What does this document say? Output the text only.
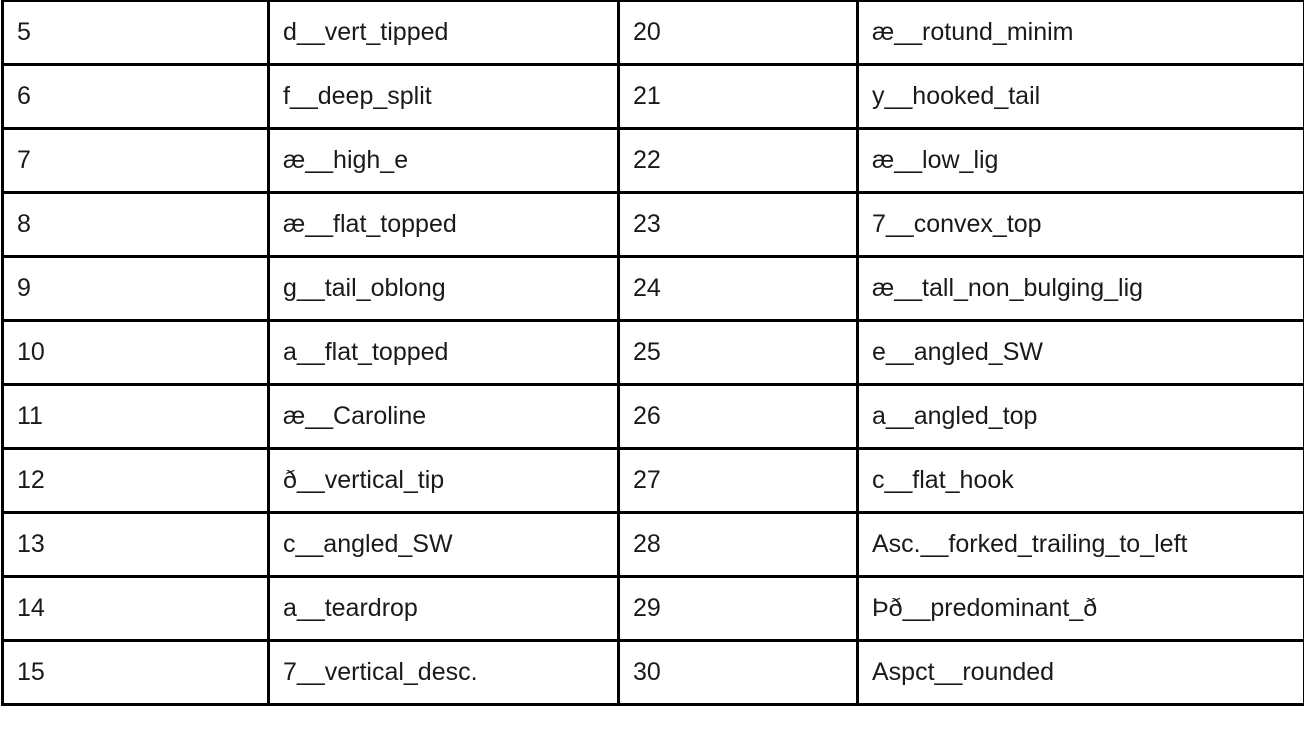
5	d__vert_tipped	20	æ__rotund_minim
6	f__deep_split	21	y__hooked_tail
7	æ__high_e	22	æ__low_lig
8	æ__flat_topped	23	7__convex_top
9	g__tail_oblong	24	æ__tall_non_bulging_lig
10	a__flat_topped	25	e__angled_SW
11	æ__Caroline	26	a__angled_top
12	ð__vertical_tip	27	c__flat_hook
13	c__angled_SW	28	Asc.__forked_trailing_to_left
14	a__teardrop	29	Þð__predominant_ð
15	7__vertical_desc.	30	Aspct__rounded
